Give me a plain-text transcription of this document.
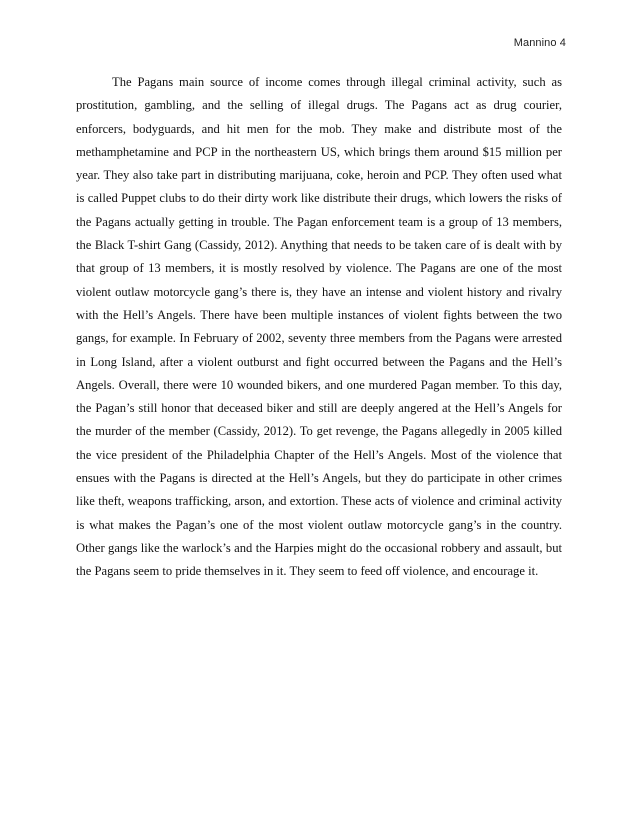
Mannino 4

The Pagans main source of income comes through illegal criminal activity, such as prostitution, gambling, and the selling of illegal drugs. The Pagans act as drug courier, enforcers, bodyguards, and hit men for the mob. They make and distribute most of the methamphetamine and PCP in the northeastern US, which brings them around $15 million per year. They also take part in distributing marijuana, coke, heroin and PCP. They often used what is called Puppet clubs to do their dirty work like distribute their drugs, which lowers the risks of the Pagans actually getting in trouble. The Pagan enforcement team is a group of 13 members, the Black T-shirt Gang (Cassidy, 2012). Anything that needs to be taken care of is dealt with by that group of 13 members, it is mostly resolved by violence. The Pagans are one of the most violent outlaw motorcycle gang’s there is, they have an intense and violent history and rivalry with the Hell’s Angels. There have been multiple instances of violent fights between the two gangs, for example. In February of 2002, seventy three members from the Pagans were arrested in Long Island, after a violent outburst and fight occurred between the Pagans and the Hell’s Angels. Overall, there were 10 wounded bikers, and one murdered Pagan member. To this day, the Pagan’s still honor that deceased biker and still are deeply angered at the Hell’s Angels for the murder of the member (Cassidy, 2012). To get revenge, the Pagans allegedly in 2005 killed the vice president of the Philadelphia Chapter of the Hell’s Angels. Most of the violence that ensues with the Pagans is directed at the Hell’s Angels, but they do participate in other crimes like theft, weapons trafficking, arson, and extortion. These acts of violence and criminal activity is what makes the Pagan’s one of the most violent outlaw motorcycle gang’s in the country. Other gangs like the warlock’s and the Harpies might do the occasional robbery and assault, but the Pagans seem to pride themselves in it. They seem to feed off violence, and encourage it.
